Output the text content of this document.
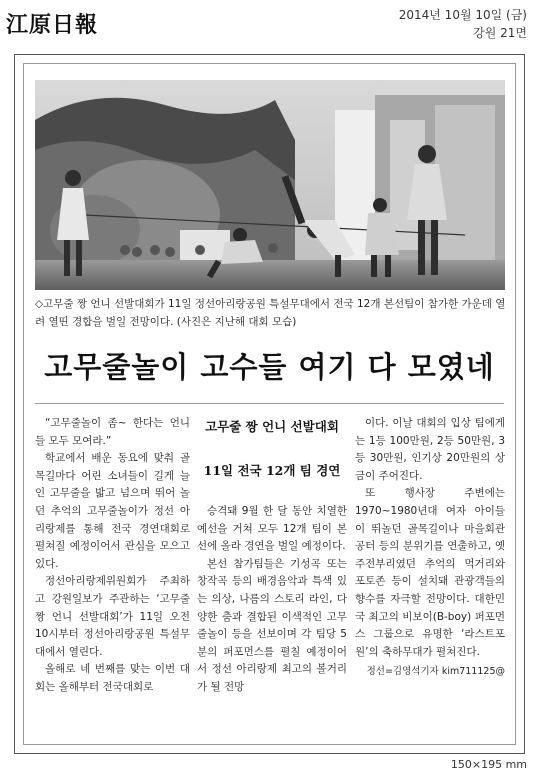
江原日報	2014년 10월 10일 (금)
강원 21면
◇고무줄 짱 언니 선발대회가 11일 정선아리랑공원 특설무대에서 전국 12개 본선팀이 참가한 가운데 열려 열띤 경합을 벌일 전망이다. (사진은 지난해 대회 모습)
고무줄놀이 고수들 여기 다 모였네

“고무줄놀이 좀~ 한다는 언니들 모두 모여라.”

학교에서 배운 동요에 맞춰 골목길마다 어린 소녀들이 길게 늘인 고무줄을 밟고 넘으며 뛰어 놀던 추억의 고무줄놀이가 정선 아리랑제를 통해 전국 경연대회로 펼쳐질 예정이어서 관심을 모으고 있다.

정선아리랑제위원회가 주최하고 강원일보가 주관하는 ‘고무줄 짱 언니 선발대회’가 11일 오전 10시부터 정선아리랑공원 특설무대에서 열린다.

올해로 네 번째를 맞는 이번 대회는 올해부터 전국대회로

고무줄 짱 언니 선발대회
11일 전국 12개 팀 경연

승격돼 9월 한 달 동안 치열한 예선을 거쳐 모두 12개 팀이 본선에 올라 경연을 벌일 예정이다.

본선 참가팀들은 기성곡 또는 창작곡 등의 배경음악과 특색 있는 의상, 나름의 스토리 라인, 다양한 춤과 결합된 이색적인 고무줄놀이 등을 선보이며 각 팀당 5분의 퍼포먼스를 펼칠 예정이어서 정선 아리랑제 최고의 볼거리가 될 전망

이다. 이날 대회의 입상 팀에게는 1등 100만원, 2등 50만원, 3등 30만원, 인기상 20만원의 상금이 주어진다.

또 행사장 주변에는 1970~1980년대 여자 아이들이 뛰놀던 골목길이나 마을회관 공터 등의 분위기를 연출하고, 옛 주전부리였던 추억의 먹거리와 포토존 등이 설치돼 관광객들의 향수를 자극할 전망이다. 대한민국 최고의 비보이(B-boy) 퍼포먼스 그룹으로 유명한 ‘라스트포원’의 축하무대가 펼쳐진다.

정선=김영석기자 kim711125@
150×195 mm
